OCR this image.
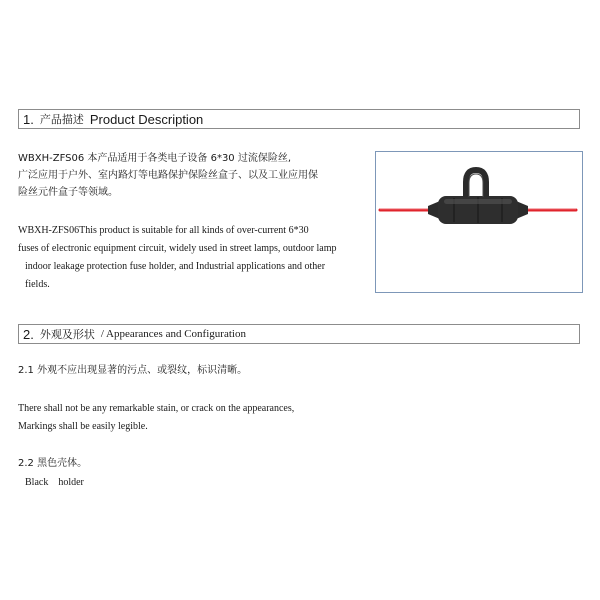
1. 产品描述 Product Description
WBXH-ZFS06 本产品适用于各类电子设备 6*30 过流保险丝,
广泛应用于户外、室内路灯等电路保护保险丝盒子、以及工业应用保
险丝元件盒子等领域。
WBXH-ZFS06This product is suitable for all kinds of over-current 6*30
fuses of electronic equipment circuit, widely used in street lamps, outdoor lamp
indoor leakage protection fuse holder, and Industrial applications and other
fields.
2. 外观及形状 / Appearances and Configuration
2.1 外观不应出现显著的污点、或裂纹，标识清晰。
There shall not be any remarkable stain, or crack on the appearances,
Markings shall be easily legible.
2.2 黑色壳体。
Black    holder
